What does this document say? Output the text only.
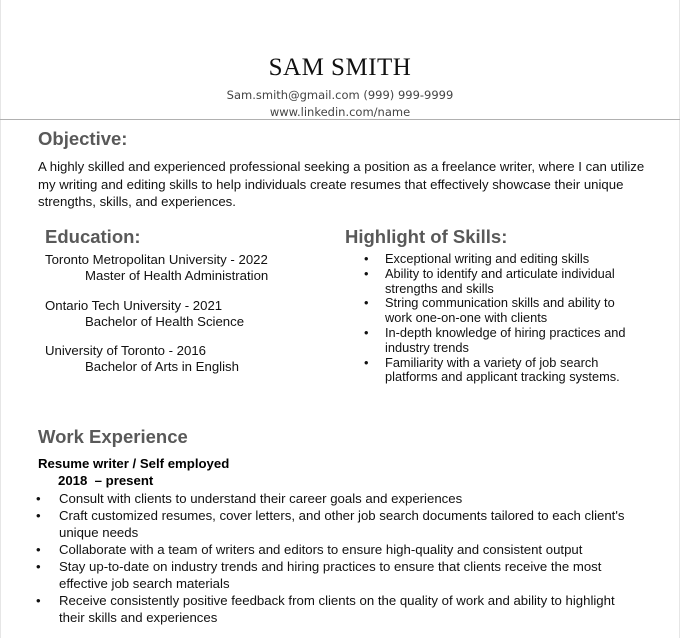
SAM SMITH
Sam.smith@gmail.com (999) 999-9999
www.linkedin.com/name
Objective:
A highly skilled and experienced professional seeking a position as a freelance writer, where I can utilize my writing and editing skills to help individuals create resumes that effectively showcase their unique strengths, skills, and experiences.
Education:
Toronto Metropolitan University - 2022
Master of Health Administration
Ontario Tech University - 2021
Bachelor of Health Science
University of Toronto - 2016
Bachelor of Arts in English
Highlight of Skills:
• Exceptional writing and editing skills
• Ability to identify and articulate individual strengths and skills
• String communication skills and ability to work one-on-one with clients
• In-depth knowledge of hiring practices and industry trends
• Familiarity with a variety of job search platforms and applicant tracking systems.
Work Experience
Resume writer / Self employed
2018  – present
• Consult with clients to understand their career goals and experiences
• Craft customized resumes, cover letters, and other job search documents tailored to each client's unique needs
• Collaborate with a team of writers and editors to ensure high-quality and consistent output
• Stay up-to-date on industry trends and hiring practices to ensure that clients receive the most effective job search materials
• Receive consistently positive feedback from clients on the quality of work and ability to highlight their skills and experiences
